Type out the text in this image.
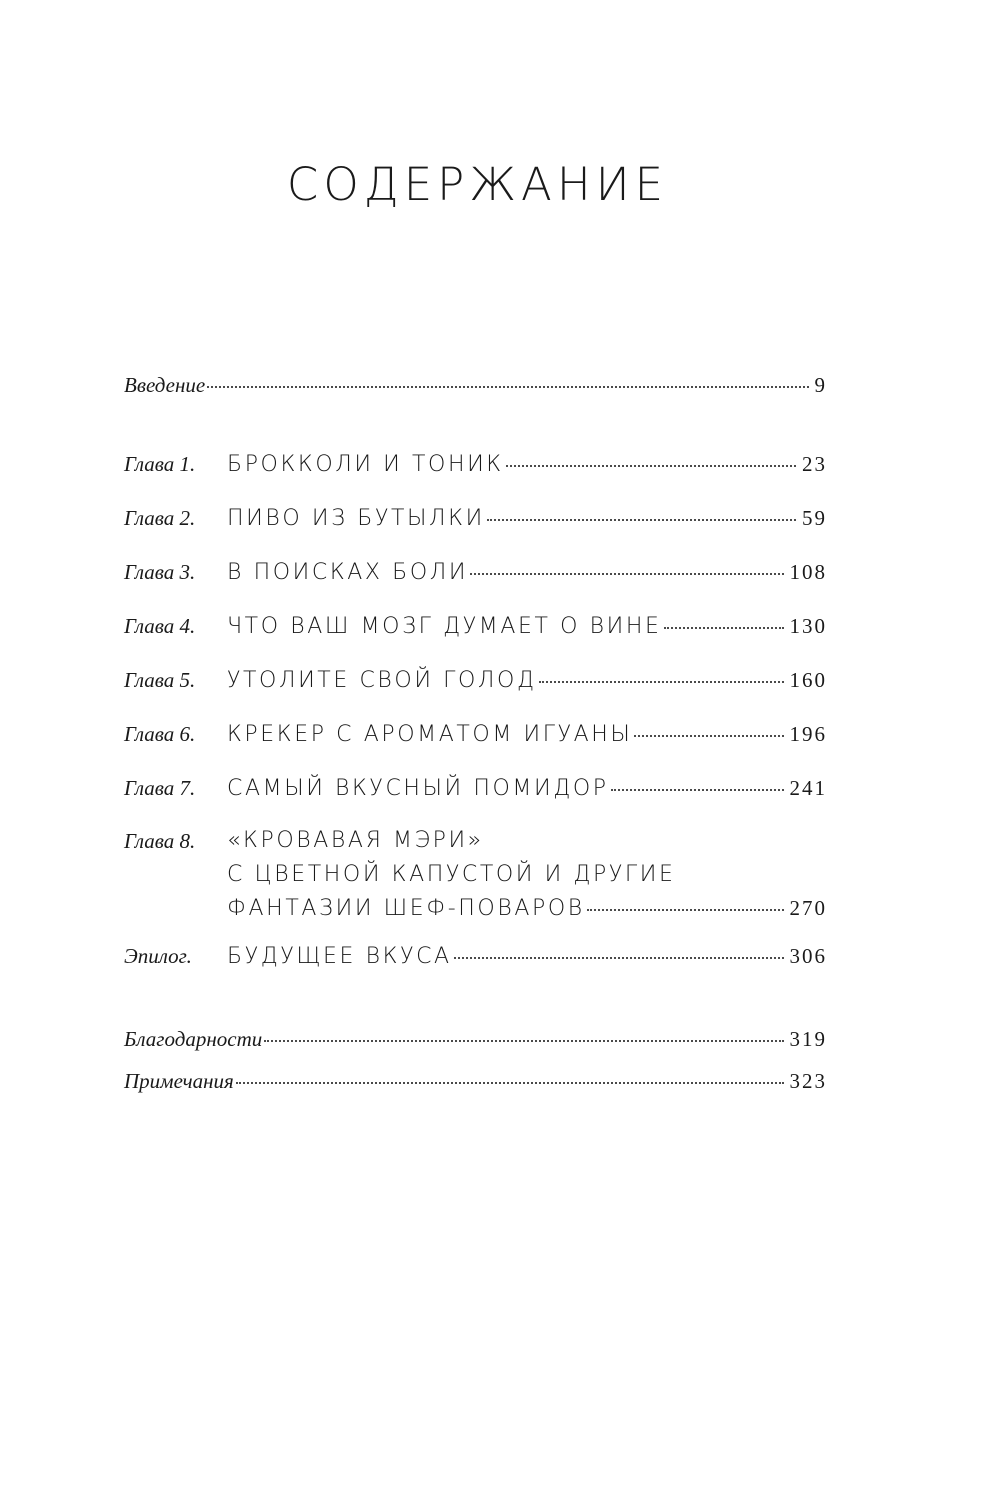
СОДЕРЖАНИЕ
Введение	9
Глава 1.	БРОККОЛИ И ТОНИК	23
Глава 2.	ПИВО ИЗ БУТЫЛКИ	59
Глава 3.	В ПОИСКАХ БОЛИ	108
Глава 4.	ЧТО ВАШ МОЗГ ДУМАЕТ О ВИНЕ	130
Глава 5.	УТОЛИТЕ СВОЙ ГОЛОД	160
Глава 6.	КРЕКЕР С АРОМАТОМ ИГУАНЫ	196
Глава 7.	САМЫЙ ВКУСНЫЙ ПОМИДОР	241
Глава 8.	«КРОВАВАЯ МЭРИ»
С ЦВЕТНОЙ КАПУСТОЙ И ДРУГИЕ
ФАНТАЗИИ ШЕФ-ПОВАРОВ	270
Эпилог.	БУДУЩЕЕ ВКУСА	306
Благодарности	319
Примечания	323
